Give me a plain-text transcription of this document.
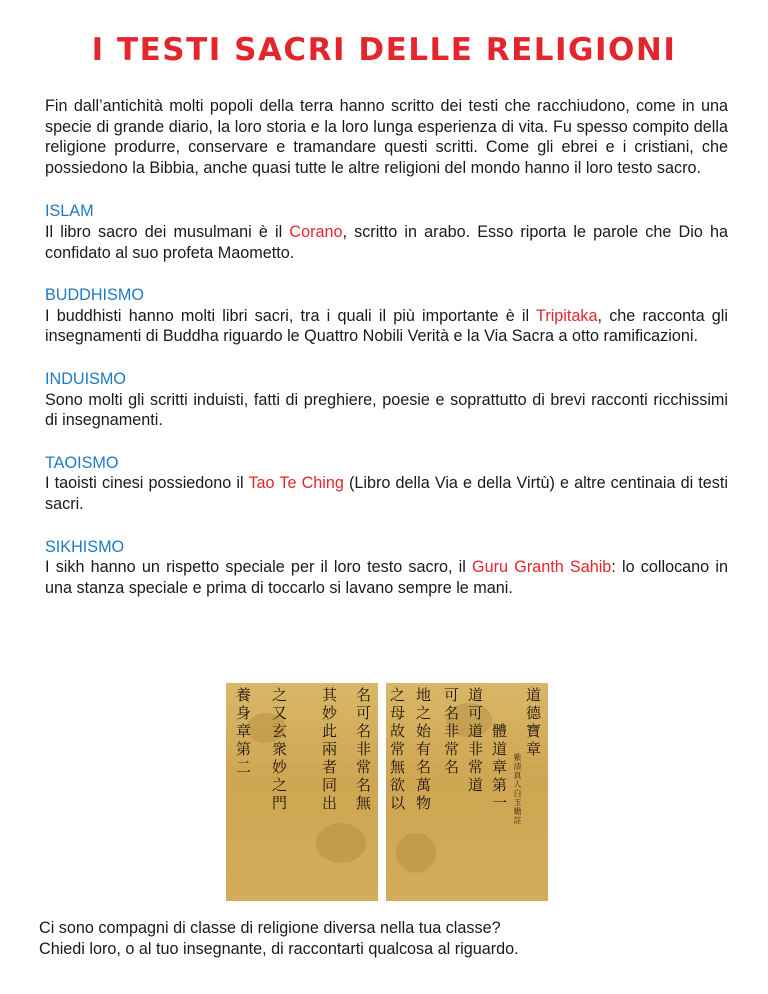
I TESTI SACRI DELLE RELIGIONI

Fin dall’antichità molti popoli della terra hanno scritto dei testi che racchiudono, come in una specie di grande diario, la loro storia e la loro lunga esperienza di vita. Fu spesso compito della religione produrre, conservare e tramandare questi scritti. Come gli ebrei e i cristiani, che possiedono la Bibbia, anche quasi tutte le altre religioni del mondo hanno il loro testo sacro.

ISLAM

Il libro sacro dei musulmani è il Corano, scritto in arabo. Esso riporta le parole che Dio ha confidato al suo profeta Maometto.

BUDDHISMO

I buddhisti hanno molti libri sacri, tra i quali il più importante è il Tripitaka, che racconta gli insegnamenti di Buddha riguardo le Quattro Nobili Verità e la Via Sacra a otto ramificazioni.

INDUISMO

Sono molti gli scritti induisti, fatti di preghiere, poesie e soprattutto di brevi racconti ricchissimi di insegnamenti.

TAOISMO

I taoisti cinesi possiedono il Tao Te Ching (Libro della Via e della Virtù) e altre centinaia di testi sacri.

SIKHISMO

I sikh hanno un rispetto speciale per il loro testo sacro, il Guru Granth Sahib: lo collocano in una stanza speciale e prima di toccarlo si lavano sempre le mani.

名可名非常名無
其妙此兩者同出
之又玄衆妙之門
養身章第二	道德寶章
紫清真人白玉蟾註
體道章第一
道可道非常道
可名非常名
地之始有名萬物
之母故常無欲以

Ci sono compagni di classe di religione diversa nella tua classe?

Chiedi loro, o al tuo insegnante, di raccontarti qualcosa al riguardo.
